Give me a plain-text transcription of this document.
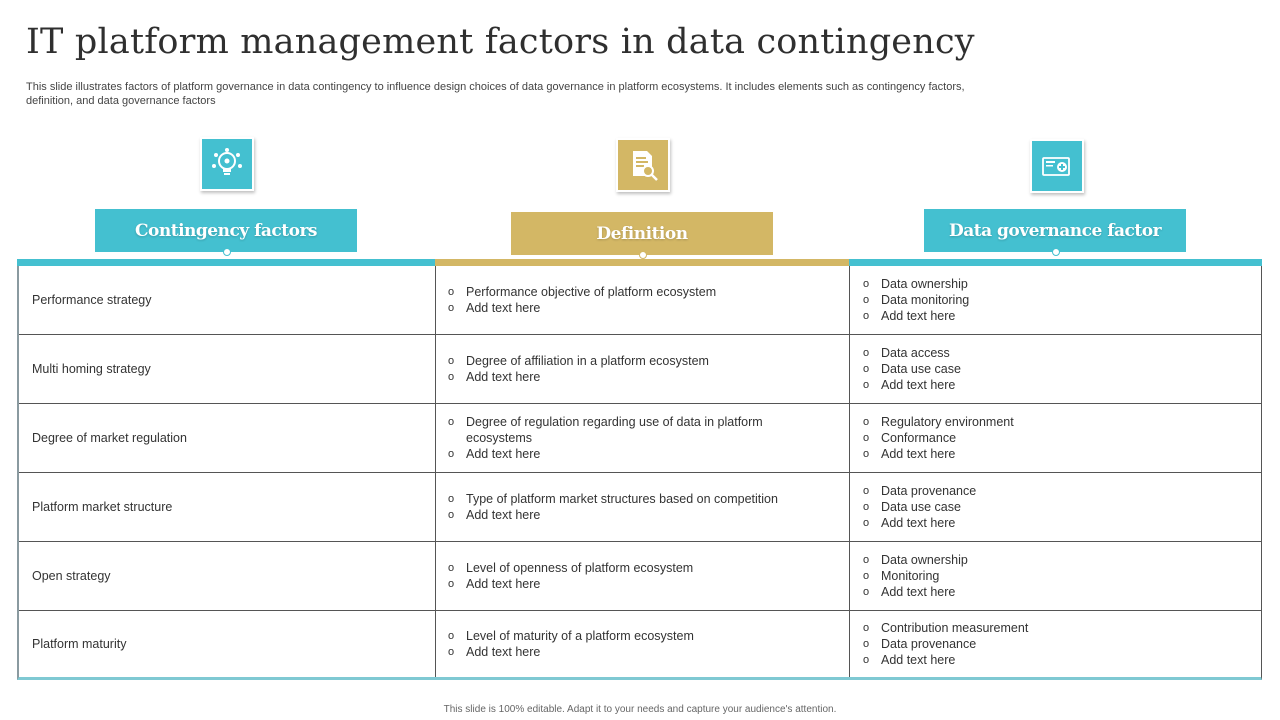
IT platform management factors in data contingency

This slide illustrates factors of platform governance in data contingency to influence design choices of data governance in platform ecosystems. It includes elements such as contingency factors, definition, and data governance factors

Contingency factors	Definition	Data governance factor
Performance strategy
o Performance objective of platform ecosystem
o Add text here
o Data ownership
o Data monitoring
o Add text here
Multi homing strategy
o Degree of affiliation in a platform ecosystem
o Add text here
o Data access
o Data use case
o Add text here
Degree of market regulation
o Degree of regulation regarding use of data in platform ecosystems
o Add text here
o Regulatory environment
o Conformance
o Add text here
Platform market structure
o Type of platform market structures based on competition
o Add text here
o Data provenance
o Data use case
o Add text here
Open strategy
o Level of openness of platform ecosystem
o Add text here
o Data ownership
o Monitoring
o Add text here
Platform maturity
o Level of maturity of a platform ecosystem
o Add text here
o Contribution measurement
o Data provenance
o Add text here

This slide is 100% editable. Adapt it to your needs and capture your audience's attention.
